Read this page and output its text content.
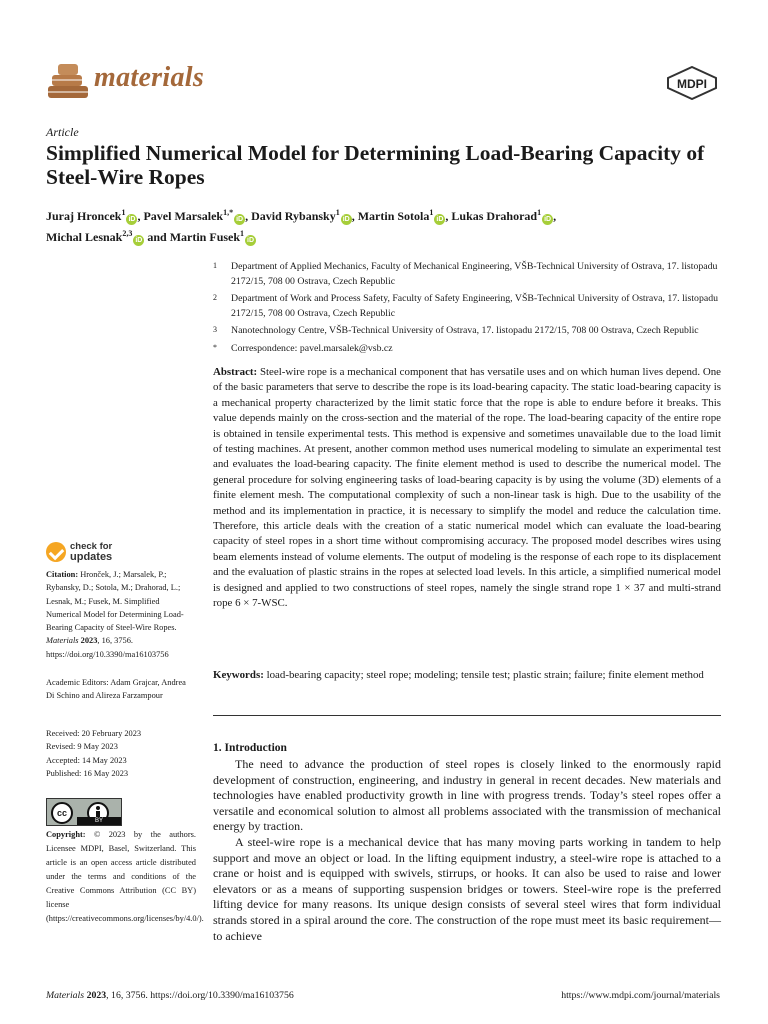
materials	MDPI
Article
Simplified Numerical Model for Determining Load-Bearing Capacity of Steel-Wire Ropes
Juraj Hroncek$^1$iD , Pavel Marsalek$^{1,*}$iD , David Rybansky$^1$iD , Martin Sotola$^1$iD , Lukas Drahorad$^1$iD ,
Michal Lesnak$^{2,3}$iD and Martin Fusek$^1$iD
1	Department of Applied Mechanics, Faculty of Mechanical Engineering, VŠB-Technical University of Ostrava, 17. listopadu 2172/15, 708 00 Ostrava, Czech Republic
2	Department of Work and Process Safety, Faculty of Safety Engineering, VŠB-Technical University of Ostrava, 17. listopadu 2172/15, 708 00 Ostrava, Czech Republic
3	Nanotechnology Centre, VŠB-Technical University of Ostrava, 17. listopadu 2172/15, 708 00 Ostrava, Czech Republic
*	Correspondence: pavel.marsalek@vsb.cz
Abstract: Steel-wire rope is a mechanical component that has versatile uses and on which human lives depend. One of the basic parameters that serve to describe the rope is its load-bearing capacity. The static load-bearing capacity is a mechanical property characterized by the limit static force that the rope is able to endure before it breaks. This value depends mainly on the cross-section and the material of the rope. The load-bearing capacity of the entire rope is obtained in tensile experimental tests. This method is expensive and sometimes unavailable due to the load limit of testing machines. At present, another common method uses numerical modeling to simulate an experimental test and evaluates the load-bearing capacity. The finite element method is used to describe the numerical model. The general procedure for solving engineering tasks of load-bearing capacity is by using the volume (3D) elements of a finite element mesh. The computational complexity of such a non-linear task is high. Due to the usability of the method and its implementation in practice, it is necessary to simplify the model and reduce the calculation time. Therefore, this article deals with the creation of a static numerical model which can evaluate the load-bearing capacity of steel ropes in a short time without compromising accuracy. The proposed model describes wires using beam elements instead of volume elements. The output of modeling is the response of each rope to its displacement and the evaluation of plastic strains in the ropes at selected load levels. In this article, a simplified numerical model is designed and applied to two constructions of steel ropes, namely the single strand rope 1 × 37 and multi-strand rope 6 × 7-WSC.
Keywords: load-bearing capacity; steel rope; modeling; tensile test; plastic strain; failure; finite element method
1. Introduction

The need to advance the production of steel ropes is closely linked to the enormously rapid development of construction, engineering, and industry in general in recent decades. New materials and technologies have enabled productivity growth in line with progress trends. Today’s steel ropes offer a versatile and economical solution to almost all problems associated with the transmission of mechanical energy by traction.

A steel-wire rope is a mechanical device that has many moving parts working in tandem to help support and move an object or load. In the lifting equipment industry, a steel-wire rope is attached to a crane or hoist and is equipped with swivels, stirrups, or hooks. It can also be used to raise and lower elevators or as a means of supporting suspension bridges or towers. Steel-wire rope is the preferred lifting device for many reasons. Its unique design consists of several steel wires that form individual strands stored in a spiral around the core. The construction of the rope must meet its basic requirement—to achieve

check for
updates
Citation: Hronček, J.; Marsalek, P.; Rybansky, D.; Sotola, M.; Drahorad, L.; Lesnak, M.; Fusek, M. Simplified Numerical Model for Determining Load-Bearing Capacity of Steel-Wire Ropes. Materials 2023, 16, 3756. https://doi.org/10.3390/ma16103756
Academic Editors: Adam Grajcar, Andrea Di Schino and Alireza Farzampour
Received: 20 February 2023
Revised: 9 May 2023
Accepted: 14 May 2023
Published: 16 May 2023
cc
BY
Copyright: © 2023 by the authors. Licensee MDPI, Basel, Switzerland. This article is an open access article distributed under the terms and conditions of the Creative Commons Attribution (CC BY) license (https://creativecommons.org/licenses/by/4.0/).
Materials 2023, 16, 3756. https://doi.org/10.3390/ma16103756	https://www.mdpi.com/journal/materials
